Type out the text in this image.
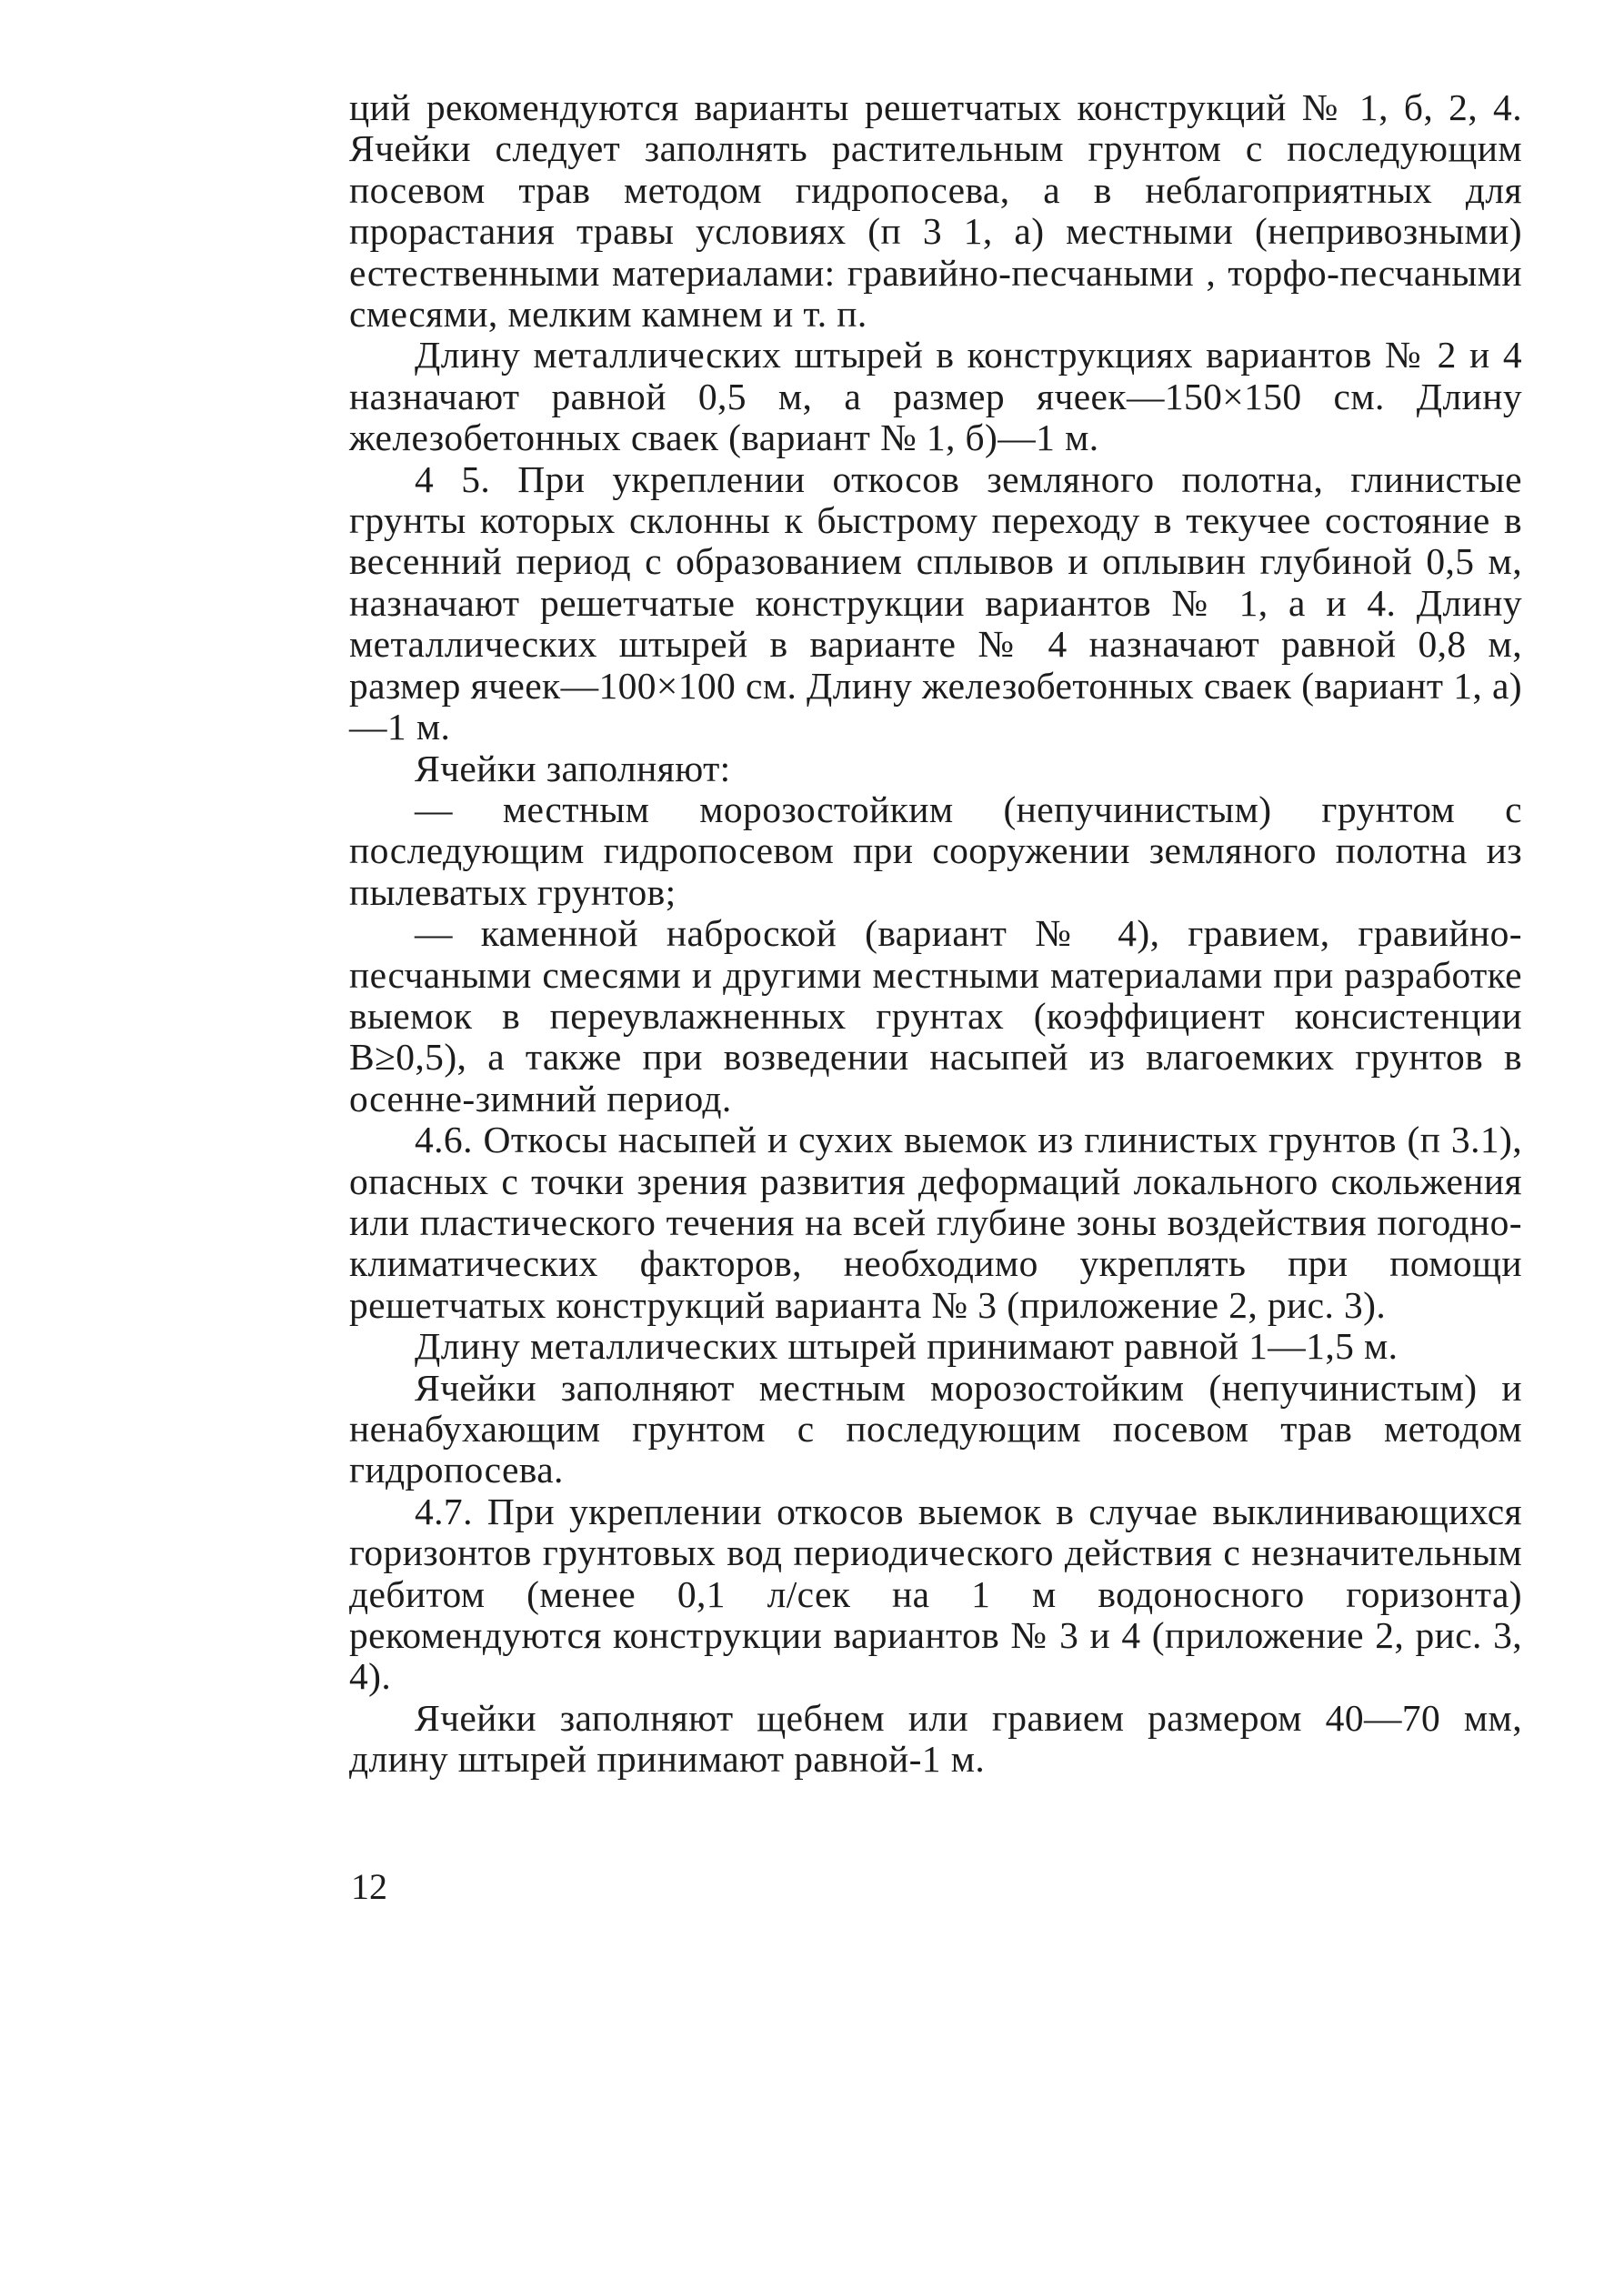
ций рекомендуются варианты решетчатых конструкций № 1, б, 2, 4. Ячейки следует заполнять растительным грунтом с последующим посевом трав методом гидропосева, а в неблагоприятных для прорастания травы условиях (п 3 1, а) местными (непривозными) естественными материалами: гравийно-песчаными , торфо-песчаными смесями, мелким камнем и т. п.

Длину металлических штырей в конструкциях вариантов № 2 и 4 назначают равной 0,5 м, а размер ячеек—150×150 см. Длину железобетонных сваек (вариант № 1, б)—1 м.

4 5. При укреплении откосов земляного полотна, глинистые грунты которых склонны к быстрому переходу в текучее состояние в весенний период с образованием сплывов и оплывин глубиной 0,5 м, назначают решетчатые конструкции вариантов № 1, а и 4. Длину металлических штырей в варианте № 4 назначают равной 0,8 м, размер ячеек—100×100 см. Длину железобетонных сваек (вариант 1, а)—1 м.

Ячейки заполняют:

— местным морозостойким (непучинистым) грунтом с последующим гидропосевом при сооружении земляного полотна из пылеватых грунтов;

— каменной наброской (вариант № 4), гравием, гравийно-песчаными смесями и другими местными материалами при разработке выемок в переувлажненных грунтах (коэффициент консистенции B≥0,5), а также при возведении насыпей из влагоемких грунтов в осенне-зимний период.

4.6. Откосы насыпей и сухих выемок из глинистых грунтов (п 3.1), опасных с точки зрения развития деформаций локального скольжения или пластического течения на всей глубине зоны воздействия погодно-климатических факторов, необходимо укреплять при помощи решетчатых конструкций варианта № 3 (приложение 2, рис. 3).

Длину металлических штырей принимают равной 1—1,5 м.

Ячейки заполняют местным морозостойким (непучинистым) и ненабухающим грунтом с последующим посевом трав методом гидропосева.

4.7. При укреплении откосов выемок в случае выклинивающихся горизонтов грунтовых вод периодического действия с незначительным дебитом (менее 0,1 л/сек на 1 м водоносного горизонта) рекомендуются конструкции вариантов № 3 и 4 (приложение 2, рис. 3, 4).

Ячейки заполняют щебнем или гравием размером 40—70 мм, длину штырей принимают равной-1 м.

12
